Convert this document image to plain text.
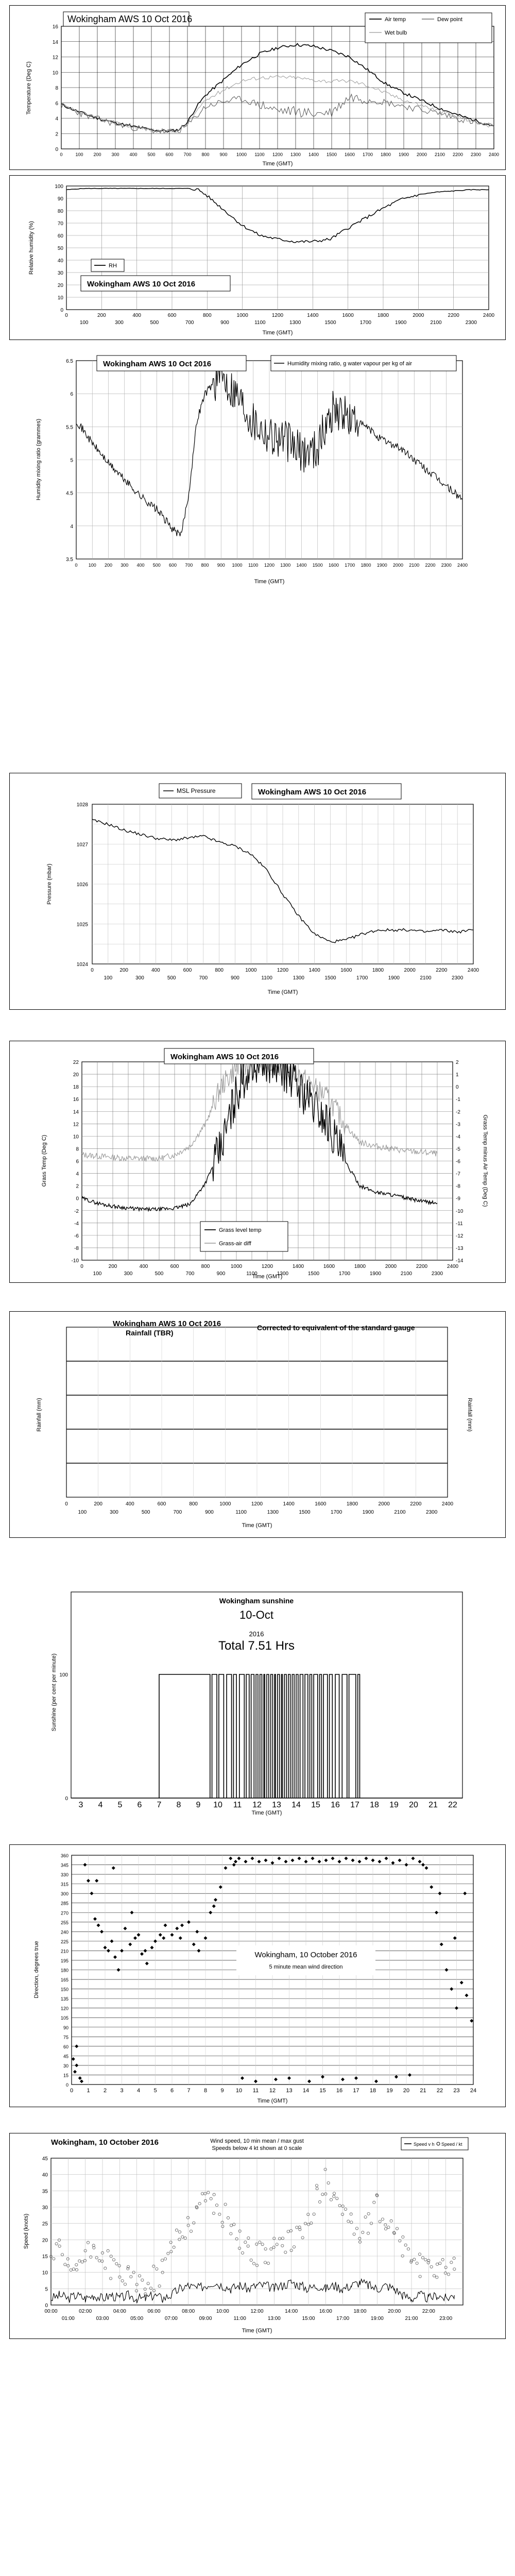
0	100 200 300 400 500 600 700 800 900 1000 1100 1200 1300 1400 1500 1600 1700 1800 1900 2000 2100 2200 2300 2400
0
2
4
6
8
10
12
14
16
Wokingham AWS 10 Oct 2016	Air temp	Dew point
Wet bulb
Temperature (Deg C)
Time (GMT)
0	200	400	600	800	1000	1200	1400	1600	1800	2000	2200	2400
100	300	500	700	900	1100	1300	1500	1700	1900	2100	2300
0
10
20
30
40
50
60
70
80
90
100
RH
Wokingham AWS 10 Oct 2016
Relative humidity (%)
Time (GMT)
0 100 200 300 400 500 600 700 800 900 1000 1100 1200 1300 1400 1500 1600 1700 1800 1900 2000 2100 2200 2300 2400
3.5
4
4.5
5
5.5
6
6.5	Wokingham AWS 10 Oct 2016	Humidity mixing ratio, g water vapour per kg of air
Humidity mixing ratio (grammes)
Time (GMT)
0	200	400	600	800	1000	1200	1400	1600	1800	2000	2200	2400
100	300	500	700	900	1100	1300	1500	1700	1900	2100	2300
1024
1025
1026
1027
1028
MSL Pressure	Wokingham AWS 10 Oct 2016
Pressure (mbar)
Time (GMT)
0	200	400	600	800	1000	1200	1400	1600	1800	2000	2200	2400
100	300	500	700	900	1100	1300	1500	1700	1900	2100	2300
-10
-8
-6
-4
-2
0
2
4
6
8
10
12
14
16
18
20
22
-14
-13
-12
-11
-10
-9
-8
-7
-6
-5
-4
-3
-2
-1
0
1
2
Wokingham AWS 10 Oct 2016
Grass level temp
Grass-air diff
Grass Temp (Deg C)	Grass Temp minus Air Temp (Deg C)
Time (GMT)
0	200	400	600	800	1000	1200	1400	1600	1800	2000	2200	2400
100	300	500	700	900	1100	1300	1500	1700	1900	2100	2300
Wokingham AWS 10 Oct 2016
Rainfall (TBR)
Corrected to equivalent of the standard gauge
Rainfall (mm)	Rainfall (mm)
Time (GMT)
3 4 5 6 7 8 9 10 11 12 13 14 15 16 17 18 19 20 21 22
0
100
Wokingham sunshine
10-Oct
2016
Total 7.51 Hrs
Sunshine (per cent per minute)
Time (GMT)
0 1 2 3 4 5 6 7 8 9 10 11 12 13 14 15 16 17 18 19 20 21 22 23 24
0
15
30
45
60
75
90
105
120
135
150
165
180
195
210
225
240
255
270
285
300
315
330
345
360
Wokingham, 10 October 2016
5 minute mean wind direction
Direction, degrees true
Time (GMT)
00:00	02:00	04:00	06:00	08:00	10:00	12:00	14:00	16:00	18:00	20:00	22:00
01:00	03:00	05:00	07:00	09:00	11:00	13:00	15:00	17:00	19:00	21:00	23:00
0
5
10
15
20
25
30
35
40
45
Wokingham, 10 October 2016	Wind speed, 10 min mean / max gust
Speeds below 4 kt shown at 0 scale
Speed v h Speed / kt
Speed (knots)
Time (GMT)
